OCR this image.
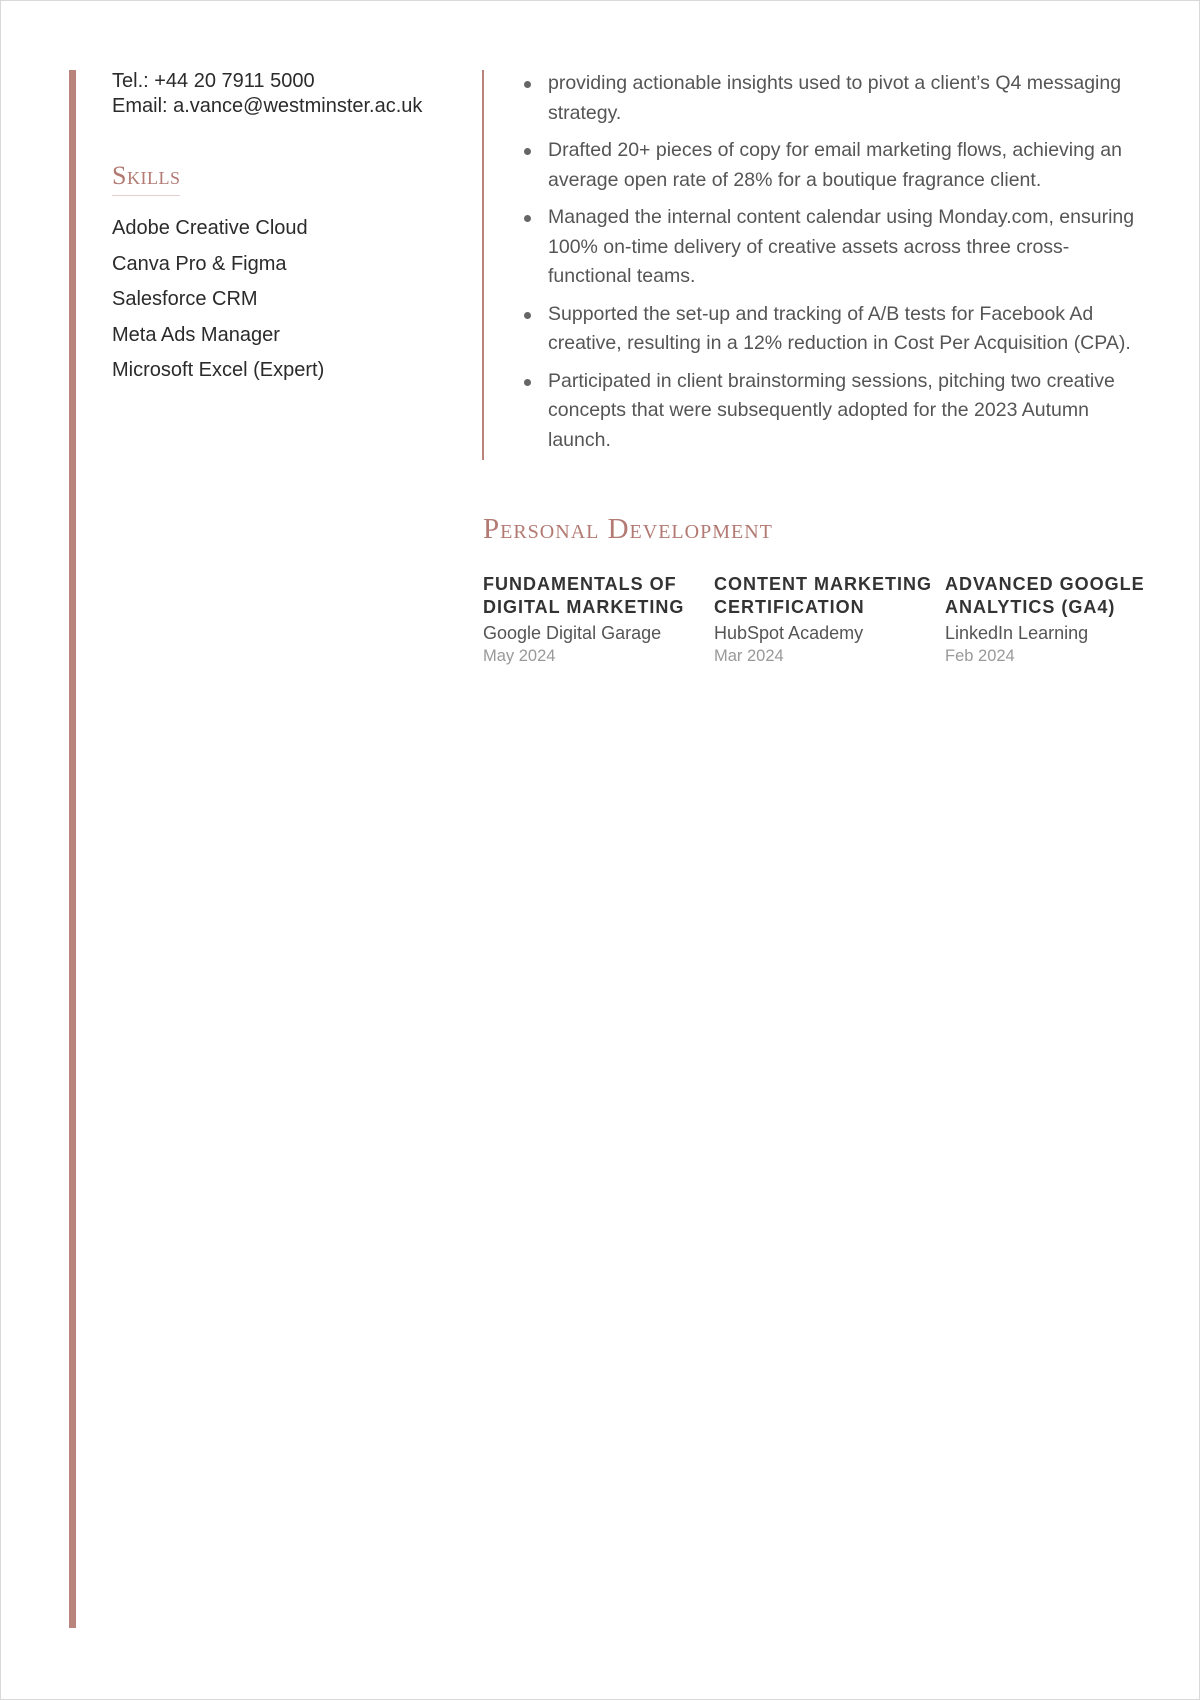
Tel.: +44 20 7911 5000
Email: a.vance@westminster.ac.uk
Skills
Adobe Creative Cloud
Canva Pro & Figma
Salesforce CRM
Meta Ads Manager
Microsoft Excel (Expert)
providing actionable insights used to pivot a client’s Q4 messaging strategy.
Drafted 20+ pieces of copy for email marketing flows, achieving an average open rate of 28% for a boutique fragrance client.
Managed the internal content calendar using Monday.com, ensuring 100% on-time delivery of creative assets across three cross-functional teams.
Supported the set-up and tracking of A/B tests for Facebook Ad creative, resulting in a 12% reduction in Cost Per Acquisition (CPA).
Participated in client brainstorming sessions, pitching two creative concepts that were subsequently adopted for the 2023 Autumn launch.
Personal Development
FUNDAMENTALS OF DIGITAL MARKETING
Google Digital Garage
May 2024
CONTENT MARKETING CERTIFICATION
HubSpot Academy
Mar 2024
ADVANCED GOOGLE ANALYTICS (GA4)
LinkedIn Learning
Feb 2024
